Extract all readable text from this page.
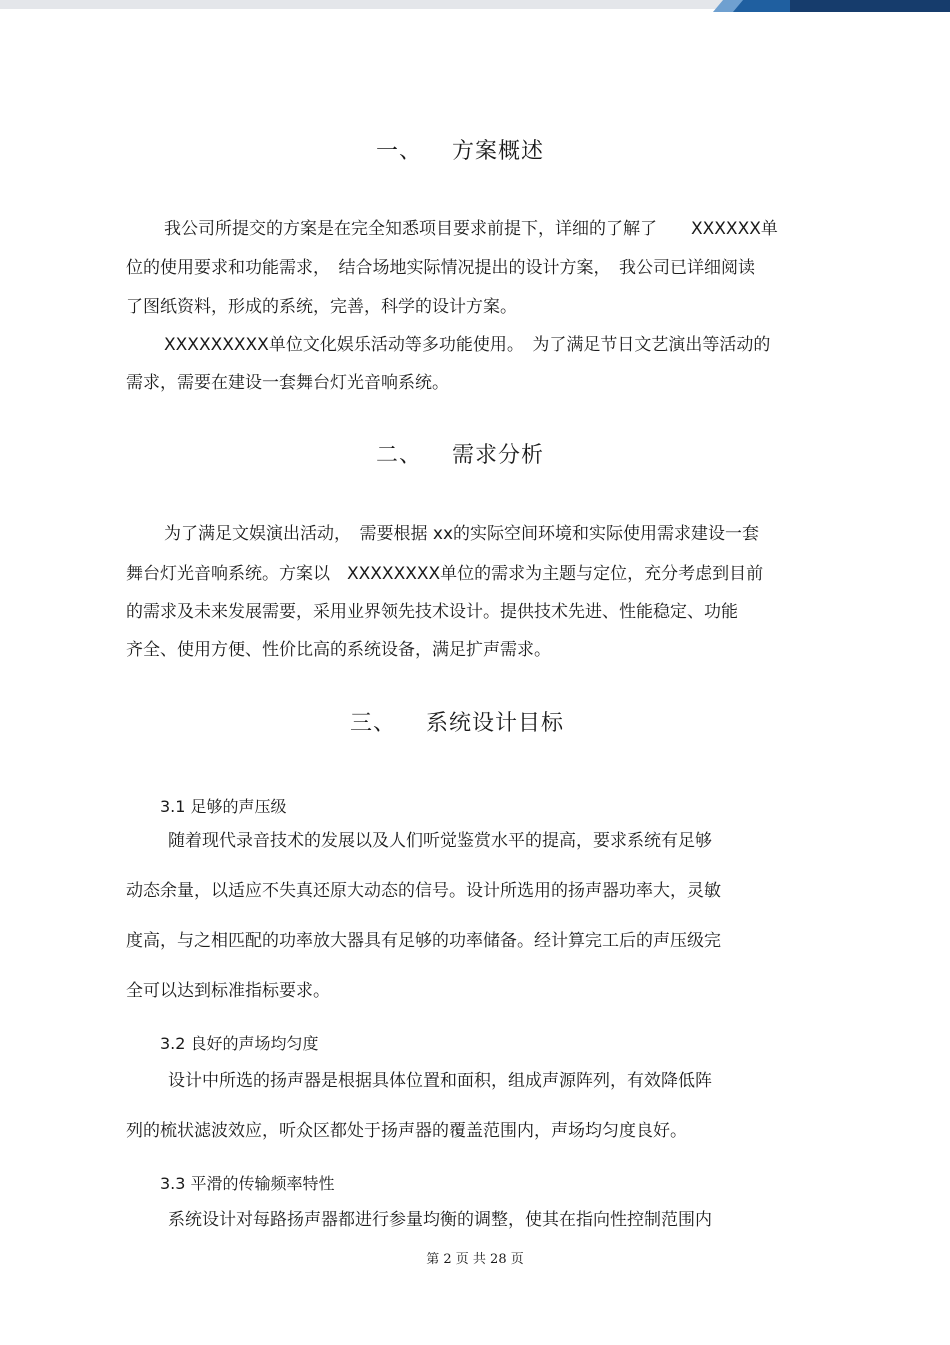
一、 方案概述
我公司所提交的方案是在完全知悉项目要求前提下，详细的了解了　　XXXXXX单
位的使用要求和功能需求，　结合场地实际情况提出的设计方案，　我公司已详细阅读
了图纸资料，形成的系统，完善，科学的设计方案。
XXXXXXXXX单位文化娱乐活动等多功能使用。　为了满足节日文艺演出等活动的
需求，需要在建设一套舞台灯光音响系统。
二、 需求分析
为了满足文娱演出活动，　需要根据 xx的实际空间环境和实际使用需求建设一套
舞台灯光音响系统。方案以　XXXXXXXX单位的需求为主题与定位，充分考虑到目前
的需求及未来发展需要，采用业界领先技术设计。提供技术先进、性能稳定、功能
齐全、使用方便、性价比高的系统设备，满足扩声需求。
三、 系统设计目标
3.1 足够的声压级
随着现代录音技术的发展以及人们听觉鉴赏水平的提高，要求系统有足够
动态余量，以适应不失真还原大动态的信号。设计所选用的扬声器功率大，灵敏
度高，与之相匹配的功率放大器具有足够的功率储备。经计算完工后的声压级完
全可以达到标准指标要求。
3.2 良好的声场均匀度
设计中所选的扬声器是根据具体位置和面积，组成声源阵列，有效降低阵
列的梳状滤波效应，听众区都处于扬声器的覆盖范围内，声场均匀度良好。
3.3 平滑的传输频率特性
系统设计对每路扬声器都进行参量均衡的调整，使其在指向性控制范围内
第 2 页 共 28 页
